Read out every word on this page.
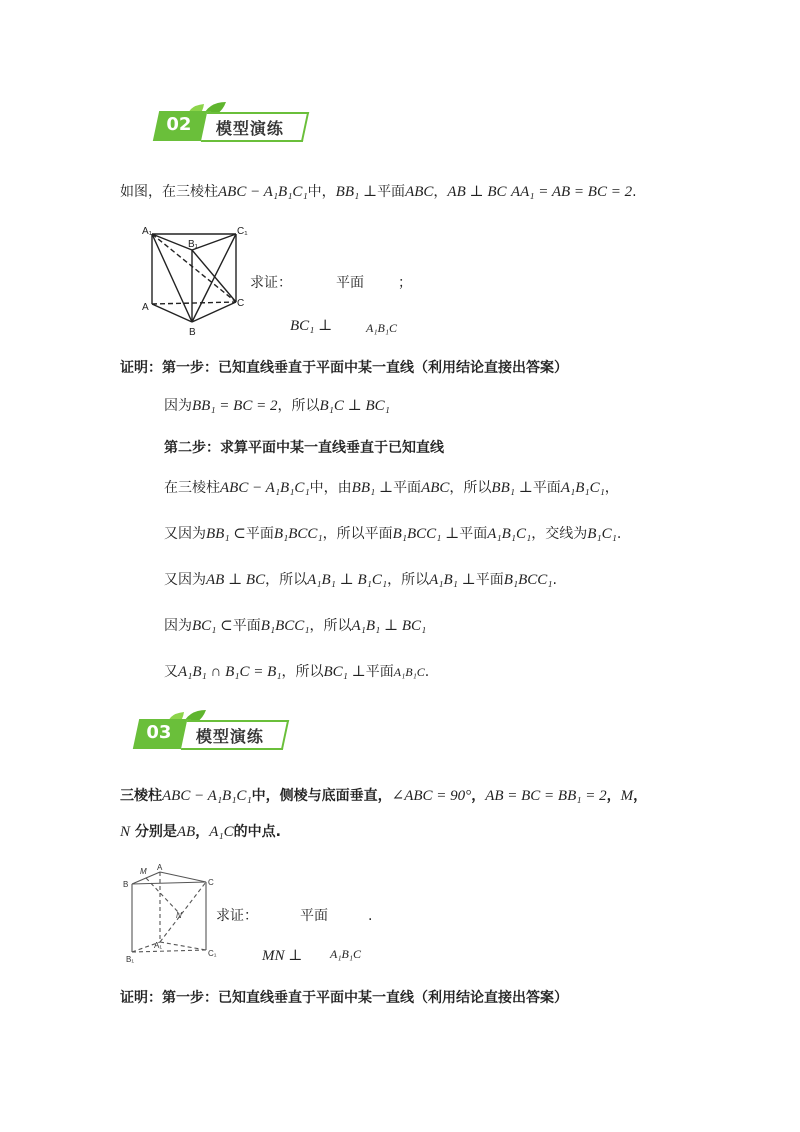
02 模型演练
如图，在三棱柱ABC − A₁B₁C₁中，BB₁ ⊥平面ABC，AB ⊥ BC AA₁ = AB = BC = 2.
A₁
B₁
C₁
A
B
C
求证：	平面 ；
BC₁ ⊥	A₁B₁C
证明：第一步：已知直线垂直于平面中某一直线（利用结论直接出答案）
因为BB₁ = BC = 2，所以B₁C ⊥ BC₁
第二步：求算平面中某一直线垂直于已知直线
在三棱柱ABC − A₁B₁C₁中，由BB₁ ⊥平面ABC，所以BB₁ ⊥平面A₁B₁C₁，
又因为BB₁ ⊂平面B₁BCC₁，所以平面B₁BCC₁ ⊥平面A₁B₁C₁，交线为B₁C₁.
又因为AB ⊥ BC，所以A₁B₁ ⊥ B₁C₁，所以A₁B₁ ⊥平面B₁BCC₁.
因为BC₁ ⊂平面B₁BCC₁，所以A₁B₁ ⊥ BC₁
又A₁B₁ ∩ B₁C = B₁，所以BC₁ ⊥平面A₁B₁C.
03 模型演练
三棱柱ABC − A₁B₁C₁中，侧棱与底面垂直，∠ABC = 90°，AB = BC = BB₁ = 2，M，
N 分别是AB，A₁C的中点.
M A
B	C
N
A₁
B₁
C₁
求证：	平面	.
MN ⊥ A₁B₁C
证明：第一步：已知直线垂直于平面中某一直线（利用结论直接出答案）
